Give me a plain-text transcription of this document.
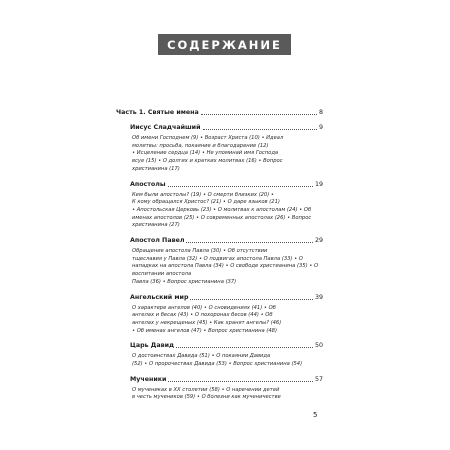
СОДЕРЖАНИЕ
Часть 1. Святые имена	8
Иисус Сладчайший	9
Об имени Господнем (9) • Возраст Христа (10) • Идеал
молитвы: просьба, покаяние и благодарение (12)
• Исцеление сердца (14) • Не упоминай имя Господа
всуе (15) • О долгих и кратких молитвах (16) • Вопрос
христианина (17)
Апостолы	19
Кем были апостолы? (19) • О смерти близких (20) •
К кому обращался Христос? (21) • О даре языков (21)
• Апостольская Церковь (23) • О молитвах к апостолам (24) • Об именах апостолов (25) • О современных апостолах (26) • Вопрос христианина (27)
Апостол Павел	29
Обращение апостола Павла (30) • Об отсутствии
тщеславия у Павла (32) • О подвигах апостола Павла (33) • О нападках на апостола Павла (34) • О свободе христианина (35) • О воспитании апостола
Павла (36) • Вопрос христианина (37)
Ангельский мир	39
О характере ангелов (40) • О сновидениях (41) • Об
ангелах и бесах (43) • О похоронах бесов (44) • Об
ангелах у некрещеных (45) • Как хранят ангелы? (46)
• Об именах ангелов (47) • Вопрос христианина (48)
Царь Давид	50
О достоинствах Давида (51) • О покаянии Давида
(52) • О пророчествах Давида (53) • Вопрос христианина (54)
Мученики	57
О мучениках в XX столетии (58) • О наречении детей
в честь мучеников (59) • О болезни как мученичестве
5
